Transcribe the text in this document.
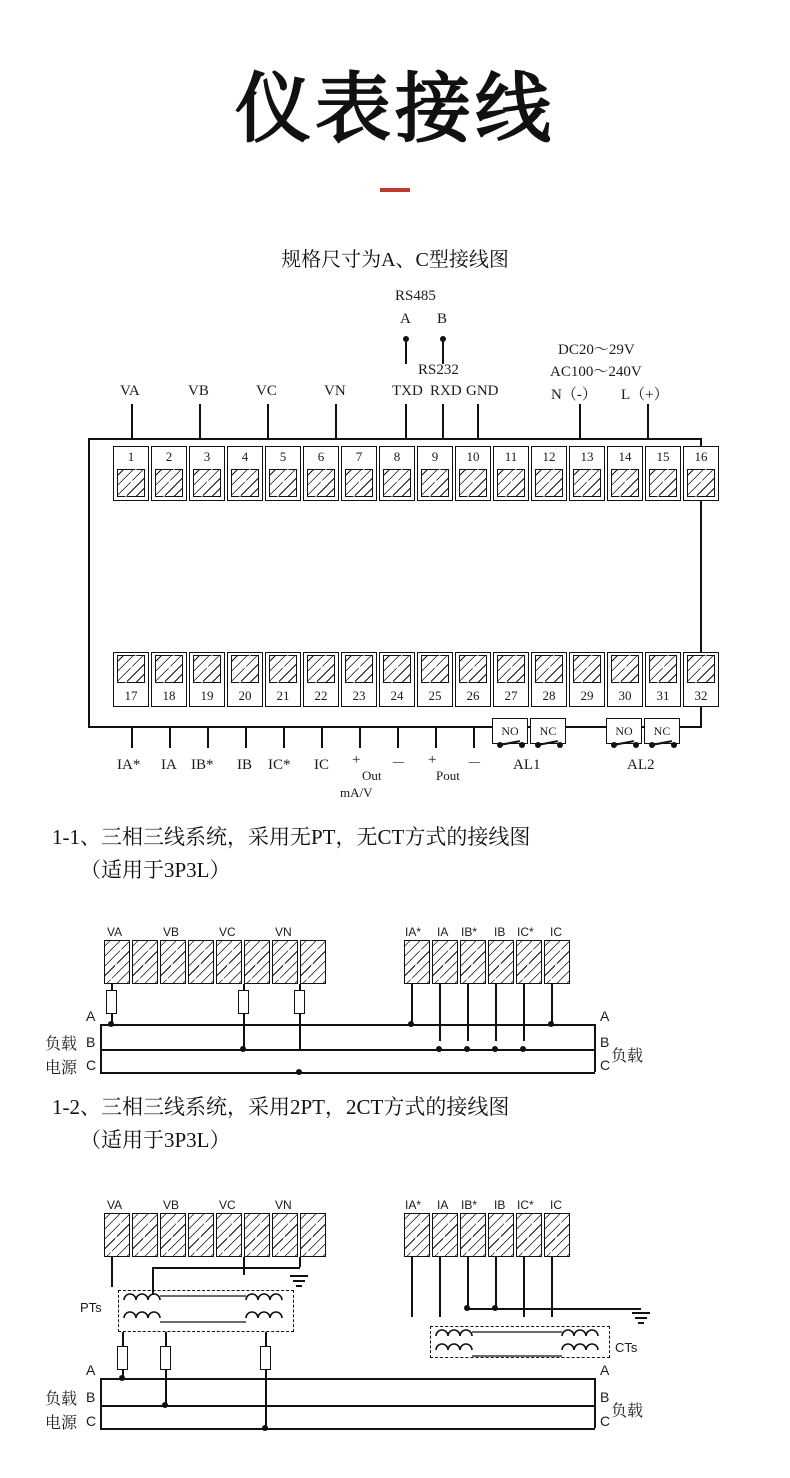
仪表接线
规格尺寸为A、C型接线图
RS485
A B
RS232
DC20～29V
AC100～240V
VA	VB	VC	VN	TXD RXD GND	N（-） L（+）
1	2	3	4	5	6	7	8	9	10	11	12	13	14	15	16
17	18	19	20	21	22	23	24	25	26	27	28	29	30	31	32
IA* IA IB* IB IC* IC + －
Out
mA/V
+ －
Pout
NO	NC
AL1
NO	NC
AL2
1-1、三相三线系统，采用无PT，无CT方式的接线图
（适用于3P3L）
VA	VB	VC	VN	IA* IA IB* IB IC* IC
A
B
C
A
B
C
负载
电源
负载
1-2、三相三线系统，采用2PT，2CT方式的接线图
（适用于3P3L）
VA	VB	VC	VN	IA* IA IB* IB IC* IC
PTs
CTs
A
B
C
A
B
C
负载
电源
负载
